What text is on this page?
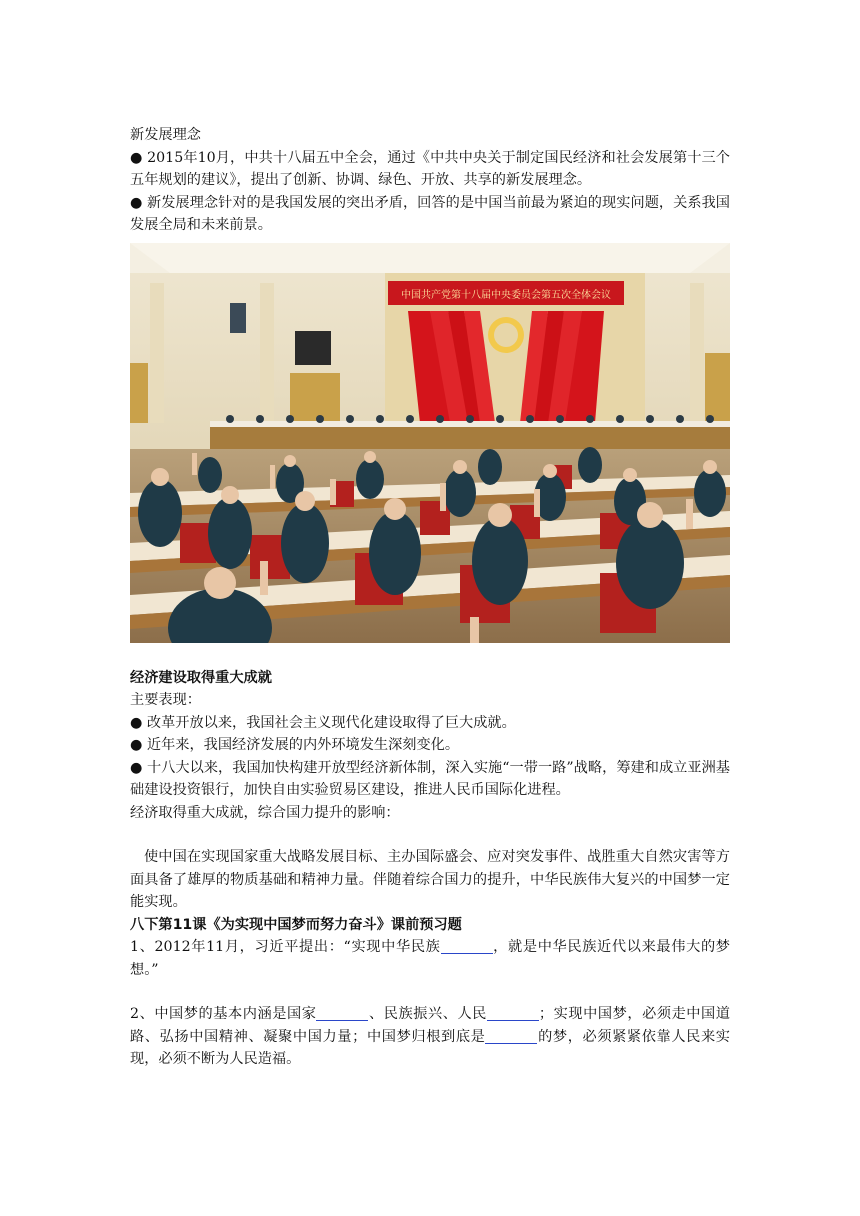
新发展理念

● 2015年10月，中共十八届五中全会，通过《中共中央关于制定国民经济和社会发展第十三个五年规划的建议》，提出了创新、协调、绿色、开放、共享的新发展理念。

● 新发展理念针对的是我国发展的突出矛盾，回答的是中国当前最为紧迫的现实问题，关系我国发展全局和未来前景。

中国共产党第十八届中央委员会第五次全体会议

经济建设取得重大成就

主要表现：

● 改革开放以来，我国社会主义现代化建设取得了巨大成就。

● 近年来，我国经济发展的内外环境发生深刻变化。

● 十八大以来，我国加快构建开放型经济新体制，深入实施“一带一路”战略，筹建和成立亚洲基础建设投资银行，加快自由实验贸易区建设，推进人民币国际化进程。

经济取得重大成就，综合国力提升的影响：

使中国在实现国家重大战略发展目标、主办国际盛会、应对突发事件、战胜重大自然灾害等方面具备了雄厚的物质基础和精神力量。伴随着综合国力的提升，中华民族伟大复兴的中国梦一定能实现。

八下第11课《为实现中国梦而努力奋斗》课前预习题

1、2012年11月，习近平提出：“实现中华民族	，就是中华民族近代以来最伟大的梦想。”

2、中国梦的基本内涵是国家	、民族振兴、人民	；实现中国梦，必须走中国道路、弘扬中国精神、凝聚中国力量；中国梦归根到底是	的梦，必须紧紧依靠人民来实现，必须不断为人民造福。
